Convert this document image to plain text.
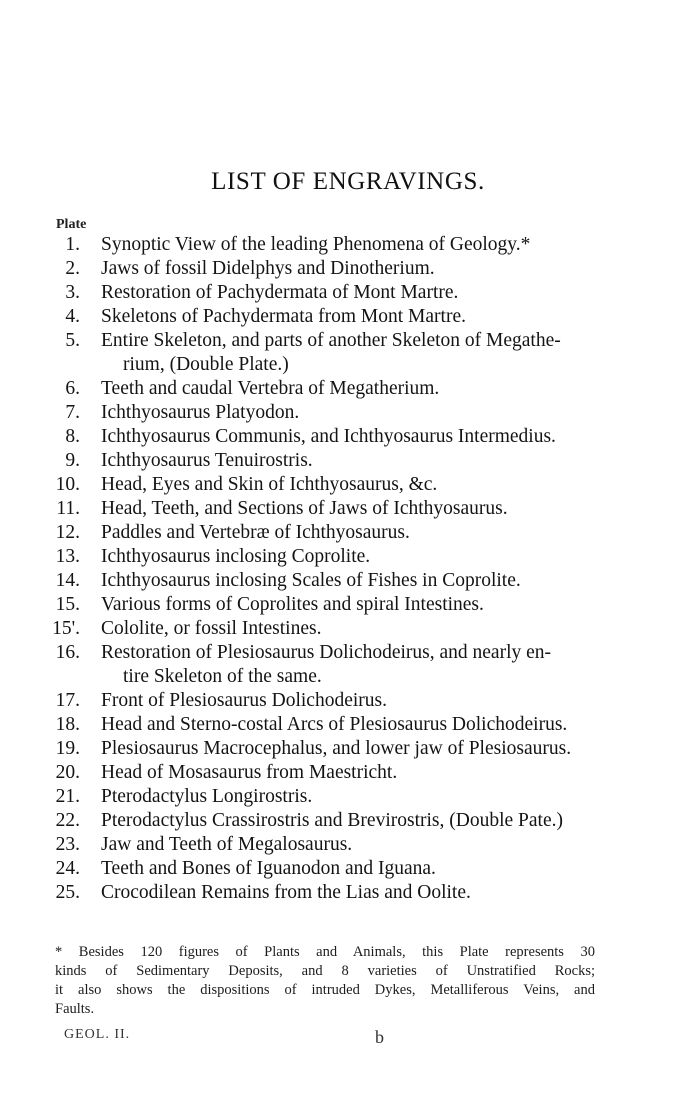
LIST OF ENGRAVINGS.
Plate
1. Synoptic View of the leading Phenomena of Geology.*
2. Jaws of fossil Didelphys and Dinotherium.
3. Restoration of Pachydermata of Mont Martre.
4. Skeletons of Pachydermata from Mont Martre.
5. Entire Skeleton, and parts of another Skeleton of Megathe-
rium, (Double Plate.)
6. Teeth and caudal Vertebra of Megatherium.
7. Ichthyosaurus Platyodon.
8. Ichthyosaurus Communis, and Ichthyosaurus Intermedius.
9. Ichthyosaurus Tenuirostris.
10. Head, Eyes and Skin of Ichthyosaurus, &c.
11. Head, Teeth, and Sections of Jaws of Ichthyosaurus.
12. Paddles and Vertebræ of Ichthyosaurus.
13. Ichthyosaurus inclosing Coprolite.
14. Ichthyosaurus inclosing Scales of Fishes in Coprolite.
15. Various forms of Coprolites and spiral Intestines.
15'. Cololite, or fossil Intestines.
16. Restoration of Plesiosaurus Dolichodeirus, and nearly en-
tire Skeleton of the same.
17. Front of Plesiosaurus Dolichodeirus.
18. Head and Sterno-costal Arcs of Plesiosaurus Dolichodeirus.
19. Plesiosaurus Macrocephalus, and lower jaw of Plesiosaurus.
20. Head of Mosasaurus from Maestricht.
21. Pterodactylus Longirostris.
22. Pterodactylus Crassirostris and Brevirostris, (Double Pate.)
23. Jaw and Teeth of Megalosaurus.
24. Teeth and Bones of Iguanodon and Iguana.
25. Crocodilean Remains from the Lias and Oolite.
* Besides 120 figures of Plants and Animals, this Plate represents 30
kinds of Sedimentary Deposits, and 8 varieties of Unstratified Rocks;
it also shows the dispositions of intruded Dykes, Metalliferous Veins, and
Faults.
GEOL. II.	b
